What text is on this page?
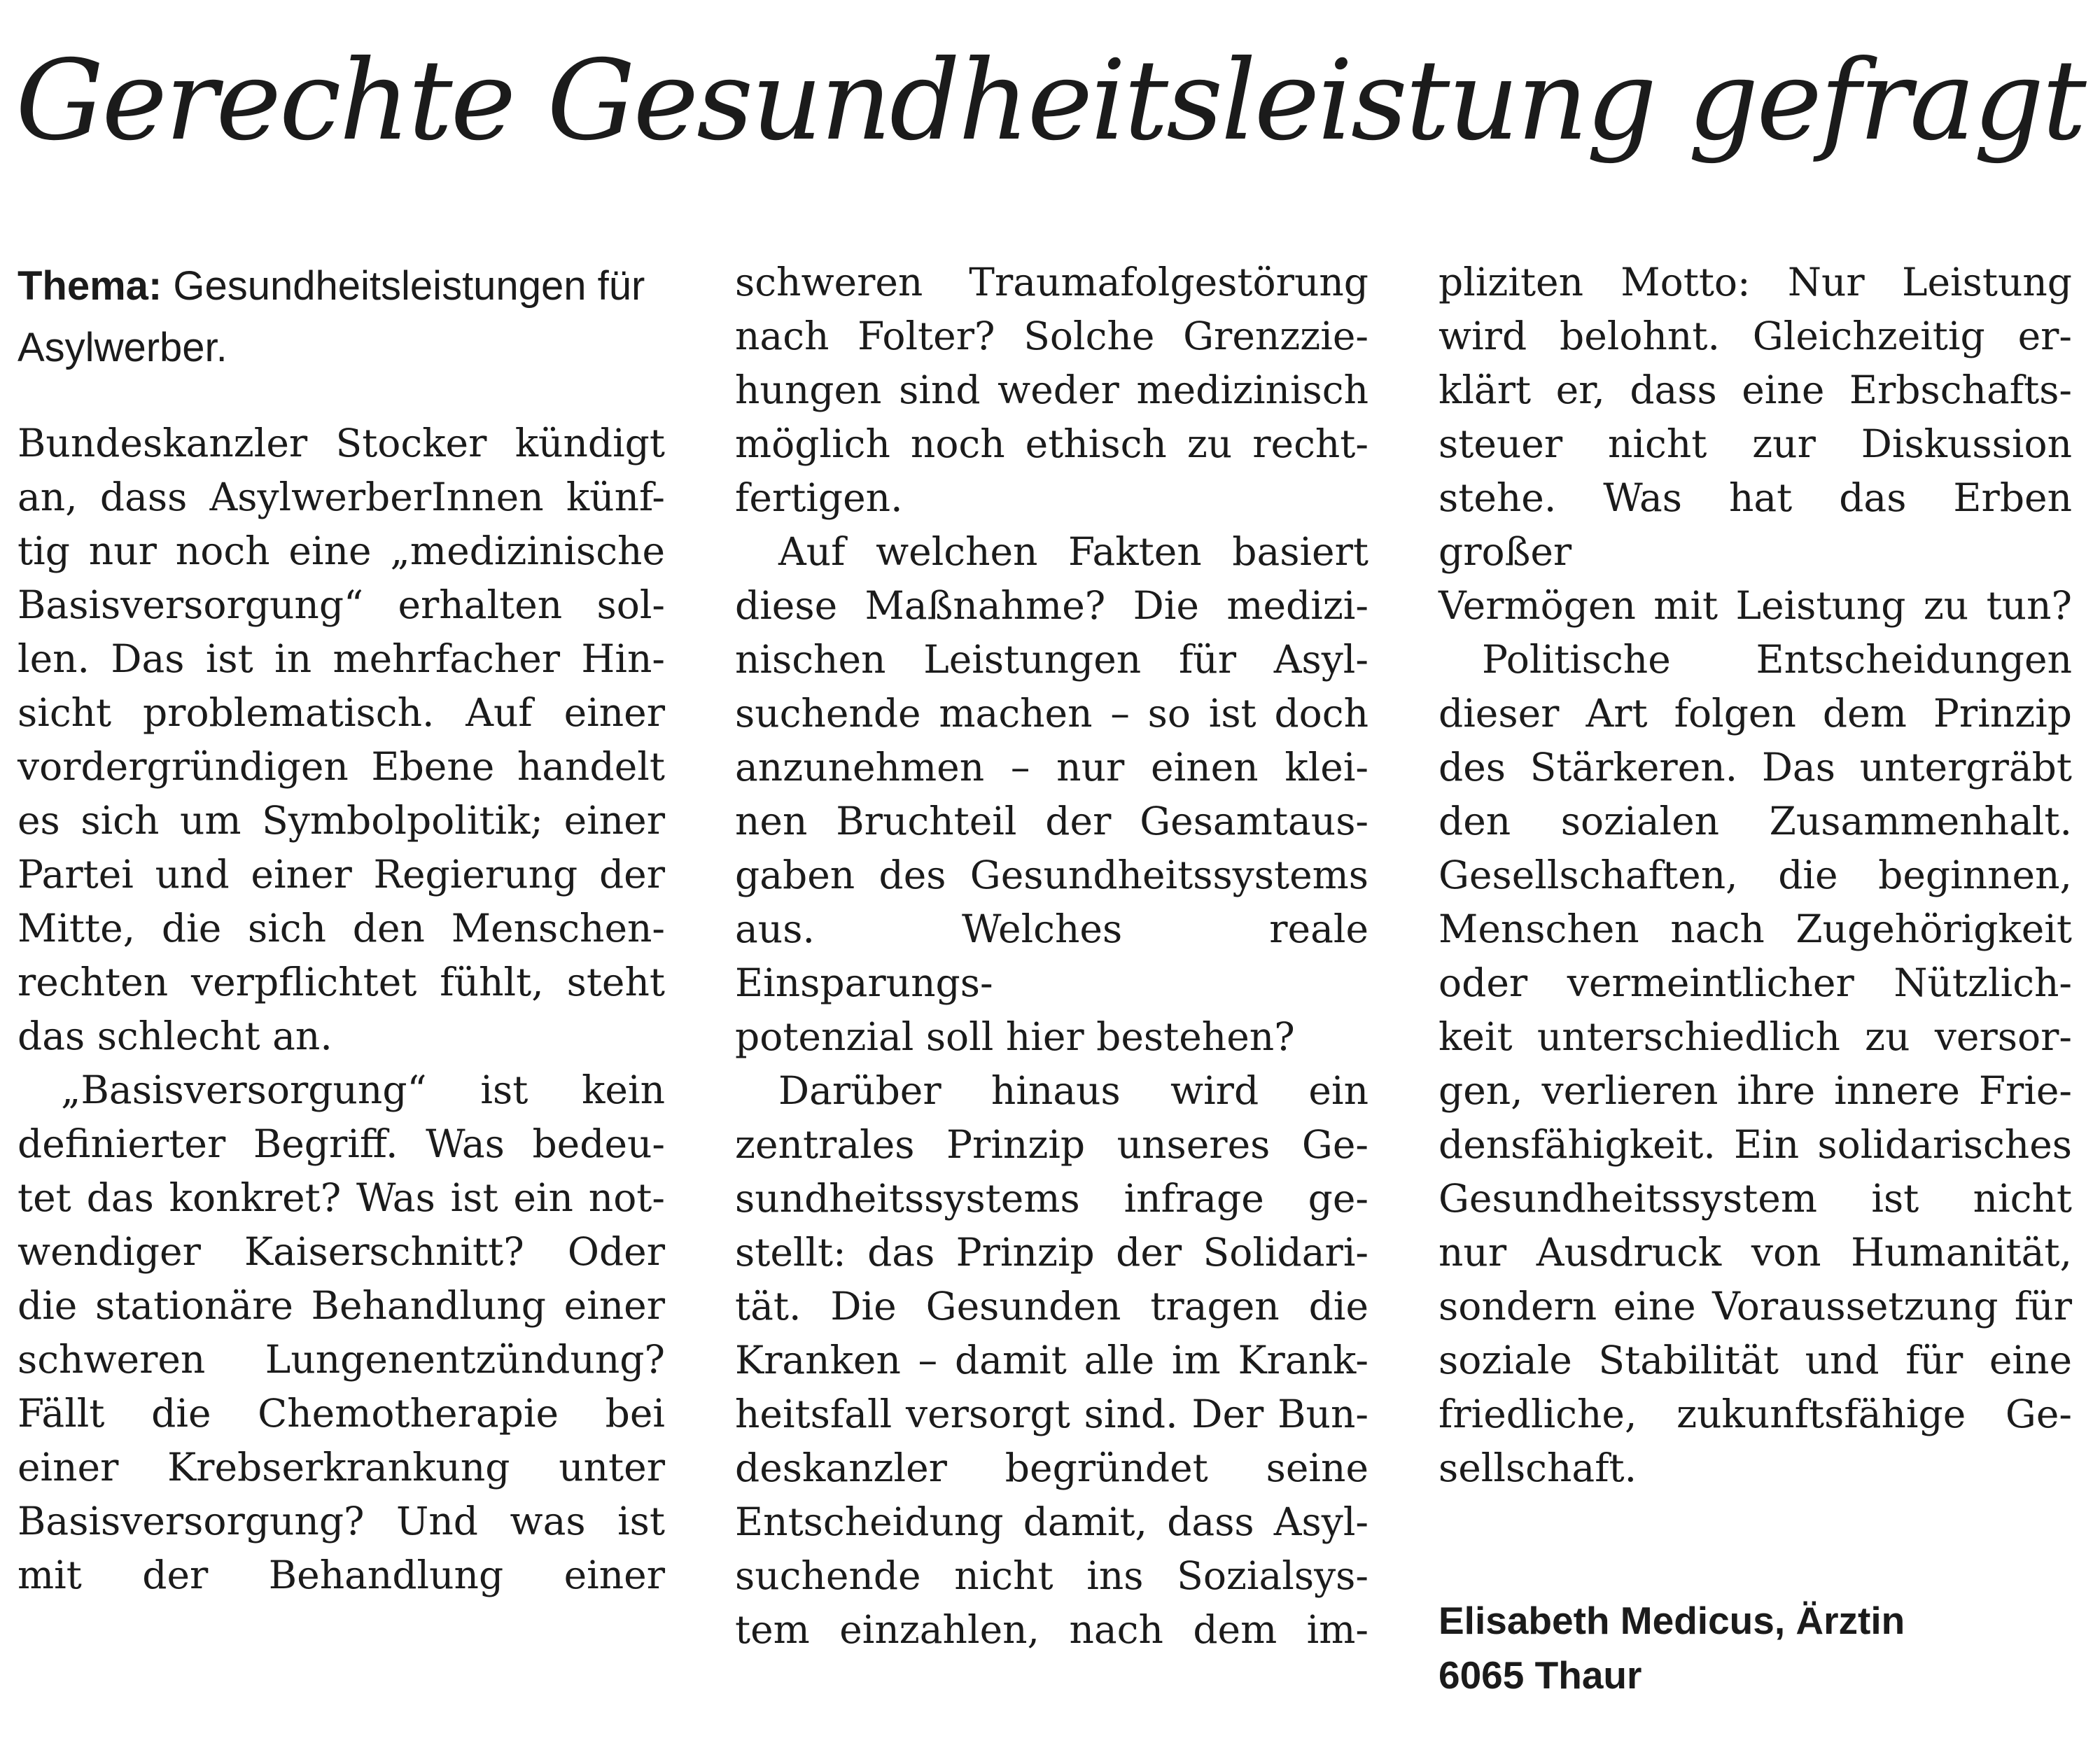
Gerechte Gesundheitsleistung gefragt
Thema: Gesundheitsleistungen für Asylwerber.
Bundeskanzler Stocker kündigt
an, dass AsylwerberInnen künf-
tig nur noch eine „medizinische
Basisversorgung“ erhalten sol-
len. Das ist in mehrfacher Hin-
sicht problematisch. Auf einer
vordergründigen Ebene handelt
es sich um Symbolpolitik; einer
Partei und einer Regierung der
Mitte, die sich den Menschen-
rechten verpflichtet fühlt, steht
das schlecht an.
„Basisversorgung“ ist kein
definierter Begriff. Was bedeu-
tet das konkret? Was ist ein not-
wendiger Kaiserschnitt? Oder
die stationäre Behandlung einer
schweren Lungenentzündung?
Fällt die Chemotherapie bei
einer Krebserkrankung unter
Basisversorgung? Und was ist
mit der Behandlung einer
schweren Traumafolgestörung
nach Folter? Solche Grenzzie-
hungen sind weder medizinisch
möglich noch ethisch zu recht-
fertigen.
Auf welchen Fakten basiert
diese Maßnahme? Die medizi-
nischen Leistungen für Asyl-
suchende machen – so ist doch
anzunehmen – nur einen klei-
nen Bruchteil der Gesamtaus-
gaben des Gesundheitssystems
aus. Welches reale Einsparungs-
potenzial soll hier bestehen?
Darüber hinaus wird ein
zentrales Prinzip unseres Ge-
sundheitssystems infrage ge-
stellt: das Prinzip der Solidari-
tät. Die Gesunden tragen die
Kranken – damit alle im Krank-
heitsfall versorgt sind. Der Bun-
deskanzler begründet seine
Entscheidung damit, dass Asyl-
suchende nicht ins Sozialsys-
tem einzahlen, nach dem im-
pliziten Motto: Nur Leistung
wird belohnt. Gleichzeitig er-
klärt er, dass eine Erbschafts-
steuer nicht zur Diskussion
stehe. Was hat das Erben großer
Vermögen mit Leistung zu tun?
Politische Entscheidungen
dieser Art folgen dem Prinzip
des Stärkeren. Das untergräbt
den sozialen Zusammenhalt.
Gesellschaften, die beginnen,
Menschen nach Zugehörigkeit
oder vermeintlicher Nützlich-
keit unterschiedlich zu versor-
gen, verlieren ihre innere Frie-
densfähigkeit. Ein solidarisches
Gesundheitssystem ist nicht
nur Ausdruck von Humanität,
sondern eine Voraussetzung für
soziale Stabilität und für eine
friedliche, zukunftsfähige Ge-
sellschaft.
Elisabeth Medicus, Ärztin
6065 Thaur
